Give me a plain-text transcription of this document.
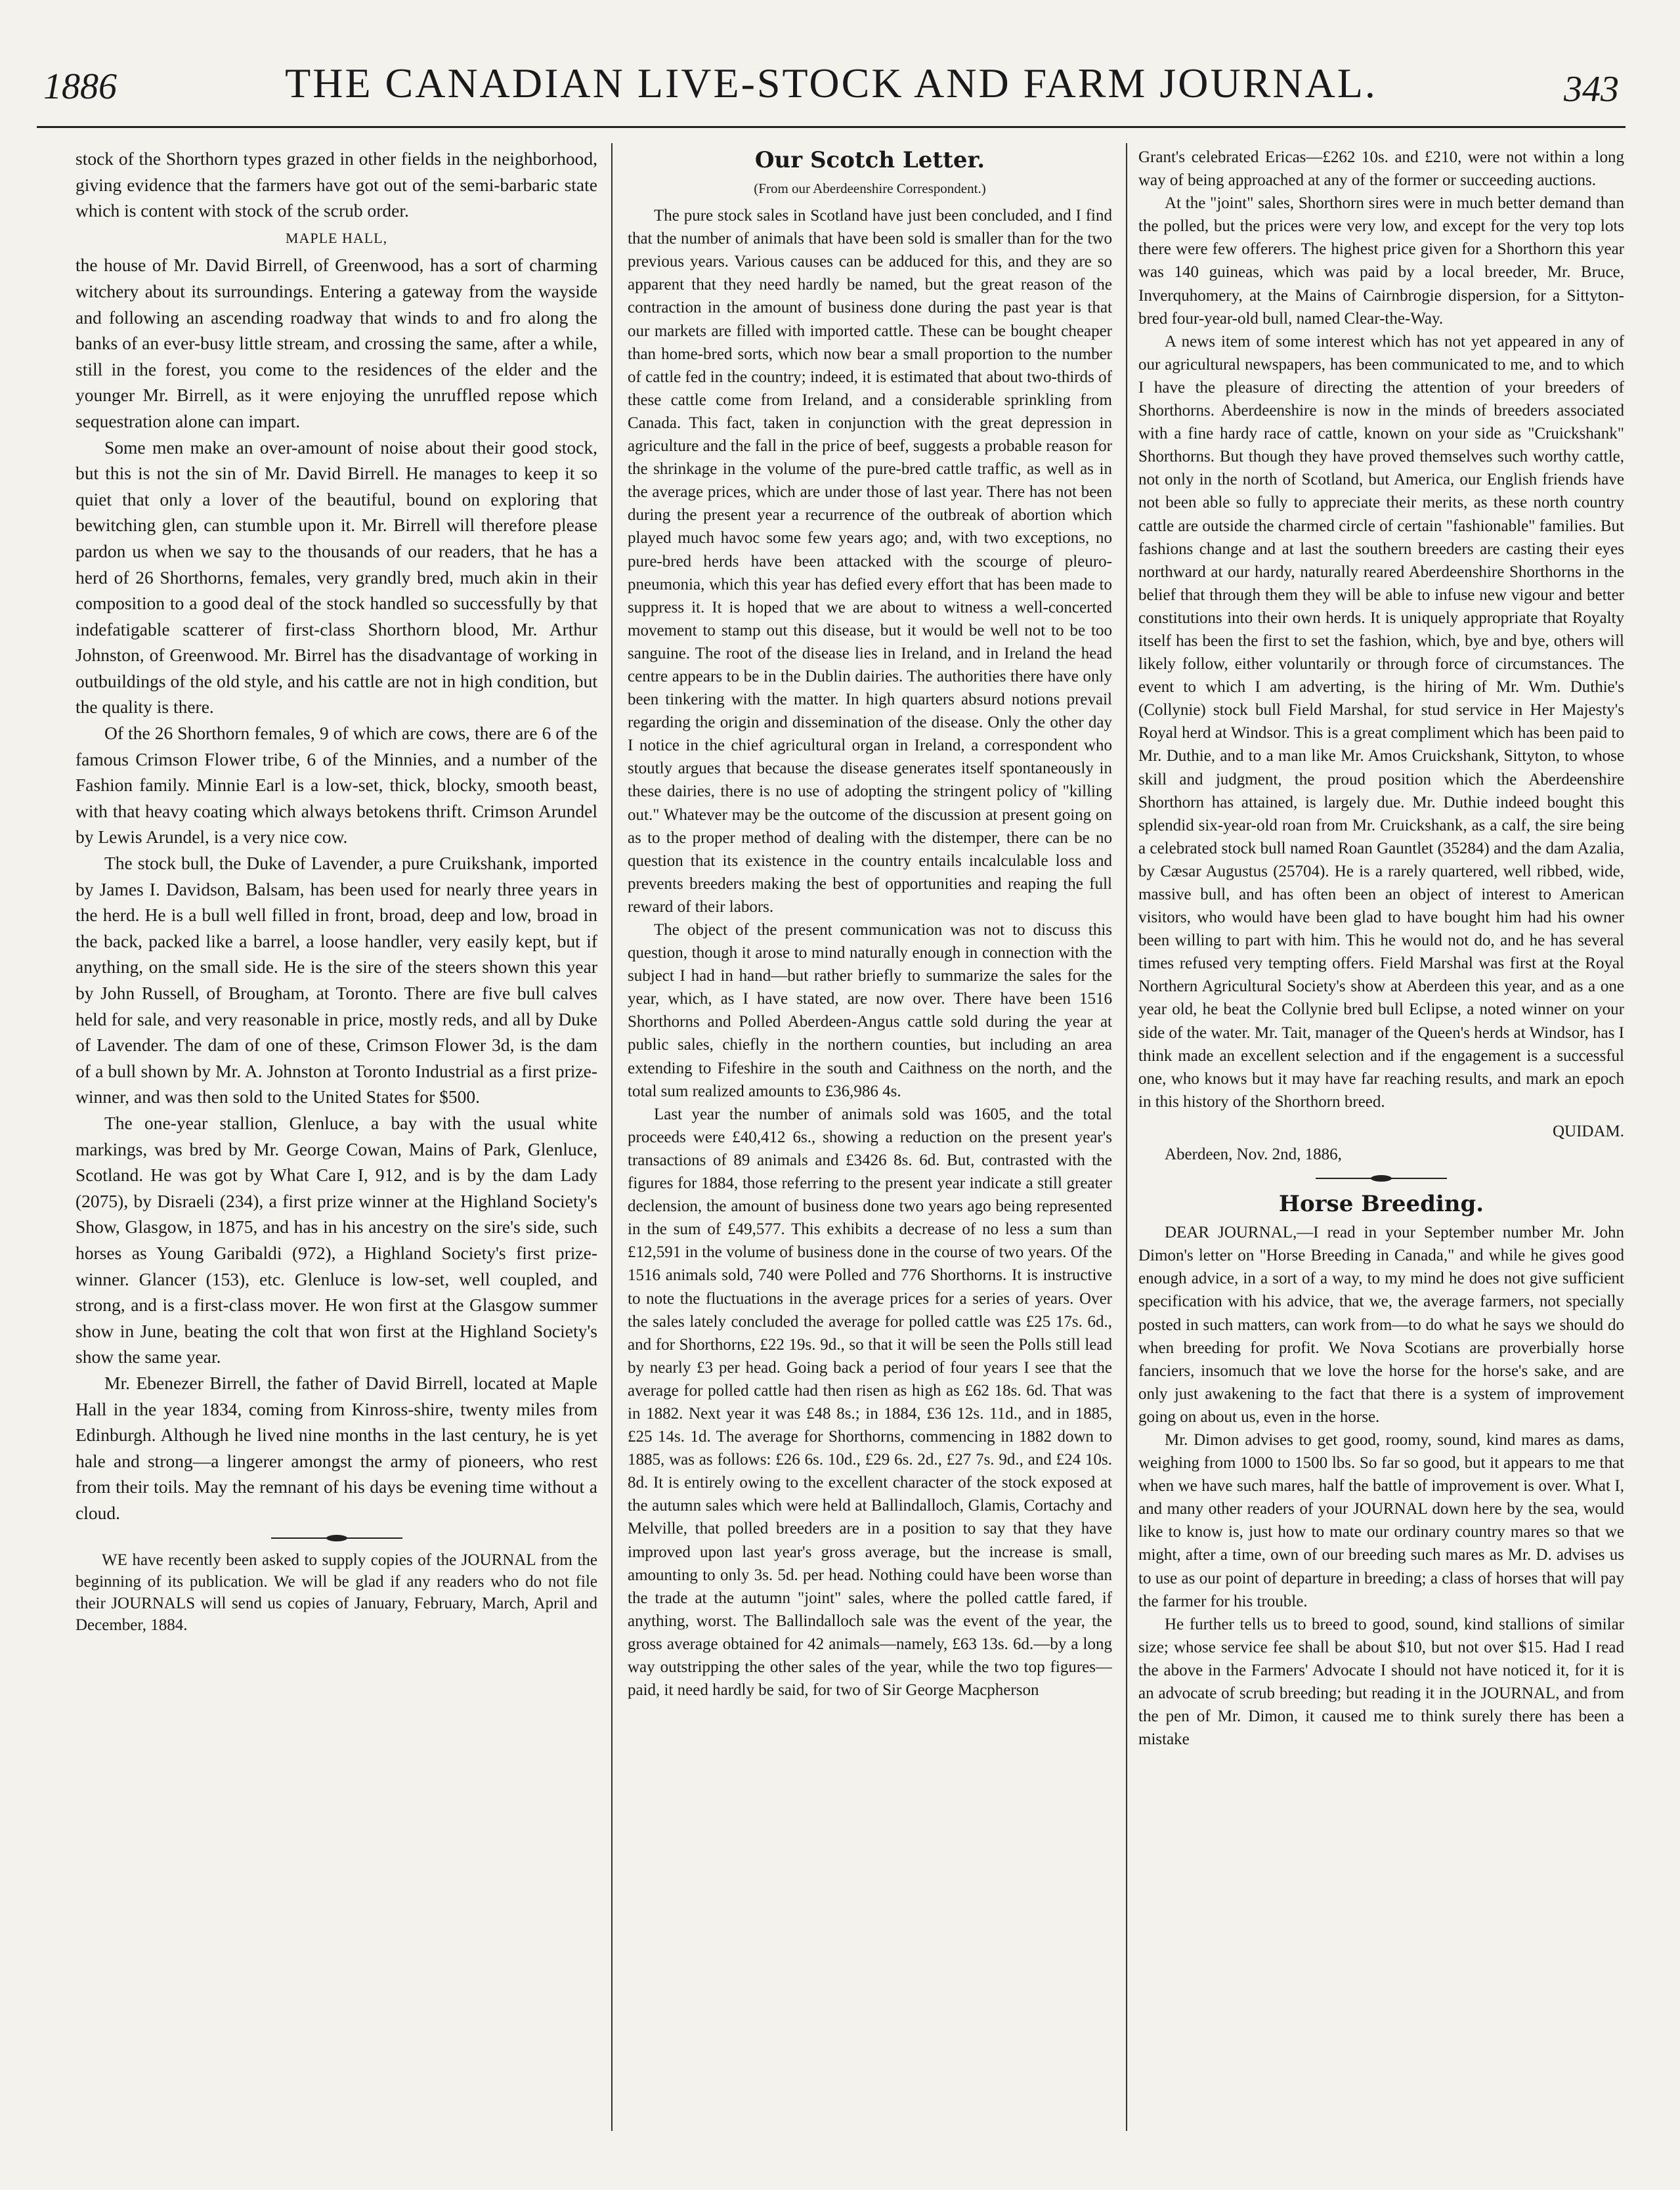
1886	THE CANADIAN LIVE-STOCK AND FARM JOURNAL.	343

stock of the Shorthorn types grazed in other fields in the neighborhood, giving evidence that the farmers have got out of the semi-barbaric state which is content with stock of the scrub order.

MAPLE HALL,

the house of Mr. David Birrell, of Greenwood, has a sort of charming witchery about its surroundings. Entering a gateway from the wayside and following an ascending roadway that winds to and fro along the banks of an ever-busy little stream, and crossing the same, after a while, still in the forest, you come to the residences of the elder and the younger Mr. Birrell, as it were enjoying the unruffled repose which sequestration alone can impart.

Some men make an over-amount of noise about their good stock, but this is not the sin of Mr. David Birrell. He manages to keep it so quiet that only a lover of the beautiful, bound on exploring that bewitching glen, can stumble upon it. Mr. Birrell will therefore please pardon us when we say to the thousands of our readers, that he has a herd of 26 Shorthorns, females, very grandly bred, much akin in their composition to a good deal of the stock handled so successfully by that indefatigable scatterer of first-class Shorthorn blood, Mr. Arthur Johnston, of Greenwood. Mr. Birrel has the disadvantage of working in outbuildings of the old style, and his cattle are not in high condition, but the quality is there.

Of the 26 Shorthorn females, 9 of which are cows, there are 6 of the famous Crimson Flower tribe, 6 of the Minnies, and a number of the Fashion family. Minnie Earl is a low-set, thick, blocky, smooth beast, with that heavy coating which always betokens thrift. Crimson Arundel by Lewis Arundel, is a very nice cow.

The stock bull, the Duke of Lavender, a pure Cruikshank, imported by James I. Davidson, Balsam, has been used for nearly three years in the herd. He is a bull well filled in front, broad, deep and low, broad in the back, packed like a barrel, a loose handler, very easily kept, but if anything, on the small side. He is the sire of the steers shown this year by John Russell, of Brougham, at Toronto. There are five bull calves held for sale, and very reasonable in price, mostly reds, and all by Duke of Lavender. The dam of one of these, Crimson Flower 3d, is the dam of a bull shown by Mr. A. Johnston at Toronto Industrial as a first prize-winner, and was then sold to the United States for $500.

The one-year stallion, Glenluce, a bay with the usual white markings, was bred by Mr. George Cowan, Mains of Park, Glenluce, Scotland. He was got by What Care I, 912, and is by the dam Lady (2075), by Disraeli (234), a first prize winner at the Highland Society's Show, Glasgow, in 1875, and has in his ancestry on the sire's side, such horses as Young Garibaldi (972), a Highland Society's first prize-winner. Glancer (153), etc. Glenluce is low-set, well coupled, and strong, and is a first-class mover. He won first at the Glasgow summer show in June, beating the colt that won first at the Highland Society's show the same year.

Mr. Ebenezer Birrell, the father of David Birrell, located at Maple Hall in the year 1834, coming from Kinross-shire, twenty miles from Edinburgh. Although he lived nine months in the last century, he is yet hale and strong—a lingerer amongst the army of pioneers, who rest from their toils. May the remnant of his days be evening time without a cloud.

WE have recently been asked to supply copies of the JOURNAL from the beginning of its publication. We will be glad if any readers who do not file their JOURNALS will send us copies of January, February, March, April and December, 1884.

Our Scotch Letter.
(From our Aberdeenshire Correspondent.)

The pure stock sales in Scotland have just been concluded, and I find that the number of animals that have been sold is smaller than for the two previous years. Various causes can be adduced for this, and they are so apparent that they need hardly be named, but the great reason of the contraction in the amount of business done during the past year is that our markets are filled with imported cattle. These can be bought cheaper than home-bred sorts, which now bear a small proportion to the number of cattle fed in the country; indeed, it is estimated that about two-thirds of these cattle come from Ireland, and a considerable sprinkling from Canada. This fact, taken in conjunction with the great depression in agriculture and the fall in the price of beef, suggests a probable reason for the shrinkage in the volume of the pure-bred cattle traffic, as well as in the average prices, which are under those of last year. There has not been during the present year a recurrence of the outbreak of abortion which played much havoc some few years ago; and, with two exceptions, no pure-bred herds have been attacked with the scourge of pleuro-pneumonia, which this year has defied every effort that has been made to suppress it. It is hoped that we are about to witness a well-concerted movement to stamp out this disease, but it would be well not to be too sanguine. The root of the disease lies in Ireland, and in Ireland the head centre appears to be in the Dublin dairies. The authorities there have only been tinkering with the matter. In high quarters absurd notions prevail regarding the origin and dissemination of the disease. Only the other day I notice in the chief agricultural organ in Ireland, a correspondent who stoutly argues that because the disease generates itself spontaneously in these dairies, there is no use of adopting the stringent policy of "killing out." Whatever may be the outcome of the discussion at present going on as to the proper method of dealing with the distemper, there can be no question that its existence in the country entails incalculable loss and prevents breeders making the best of opportunities and reaping the full reward of their labors.

The object of the present communication was not to discuss this question, though it arose to mind naturally enough in connection with the subject I had in hand—but rather briefly to summarize the sales for the year, which, as I have stated, are now over. There have been 1516 Shorthorns and Polled Aberdeen-Angus cattle sold during the year at public sales, chiefly in the northern counties, but including an area extending to Fifeshire in the south and Caithness on the north, and the total sum realized amounts to £36,986 4s.

Last year the number of animals sold was 1605, and the total proceeds were £40,412 6s., showing a reduction on the present year's transactions of 89 animals and £3426 8s. 6d. But, contrasted with the figures for 1884, those referring to the present year indicate a still greater declension, the amount of business done two years ago being represented in the sum of £49,577. This exhibits a decrease of no less a sum than £12,591 in the volume of business done in the course of two years. Of the 1516 animals sold, 740 were Polled and 776 Shorthorns. It is instructive to note the fluctuations in the average prices for a series of years. Over the sales lately concluded the average for polled cattle was £25 17s. 6d., and for Shorthorns, £22 19s. 9d., so that it will be seen the Polls still lead by nearly £3 per head. Going back a period of four years I see that the average for polled cattle had then risen as high as £62 18s. 6d. That was in 1882. Next year it was £48 8s.; in 1884, £36 12s. 11d., and in 1885, £25 14s. 1d. The average for Shorthorns, commencing in 1882 down to 1885, was as follows: £26 6s. 10d., £29 6s. 2d., £27 7s. 9d., and £24 10s. 8d. It is entirely owing to the excellent character of the stock exposed at the autumn sales which were held at Ballindalloch, Glamis, Cortachy and Melville, that polled breeders are in a position to say that they have improved upon last year's gross average, but the increase is small, amounting to only 3s. 5d. per head. Nothing could have been worse than the trade at the autumn "joint" sales, where the polled cattle fared, if anything, worst. The Ballindalloch sale was the event of the year, the gross average obtained for 42 animals—namely, £63 13s. 6d.—by a long way outstripping the other sales of the year, while the two top figures—paid, it need hardly be said, for two of Sir George Macpherson

Grant's celebrated Ericas—£262 10s. and £210, were not within a long way of being approached at any of the former or succeeding auctions.

At the "joint" sales, Shorthorn sires were in much better demand than the polled, but the prices were very low, and except for the very top lots there were few offerers. The highest price given for a Shorthorn this year was 140 guineas, which was paid by a local breeder, Mr. Bruce, Inverquhomery, at the Mains of Cairnbrogie dispersion, for a Sittyton-bred four-year-old bull, named Clear-the-Way.

A news item of some interest which has not yet appeared in any of our agricultural newspapers, has been communicated to me, and to which I have the pleasure of directing the attention of your breeders of Shorthorns. Aberdeenshire is now in the minds of breeders associated with a fine hardy race of cattle, known on your side as "Cruickshank" Shorthorns. But though they have proved themselves such worthy cattle, not only in the north of Scotland, but America, our English friends have not been able so fully to appreciate their merits, as these north country cattle are outside the charmed circle of certain "fashionable" families. But fashions change and at last the southern breeders are casting their eyes northward at our hardy, naturally reared Aberdeenshire Shorthorns in the belief that through them they will be able to infuse new vigour and better constitutions into their own herds. It is uniquely appropriate that Royalty itself has been the first to set the fashion, which, bye and bye, others will likely follow, either voluntarily or through force of circumstances. The event to which I am adverting, is the hiring of Mr. Wm. Duthie's (Collynie) stock bull Field Marshal, for stud service in Her Majesty's Royal herd at Windsor. This is a great compliment which has been paid to Mr. Duthie, and to a man like Mr. Amos Cruickshank, Sittyton, to whose skill and judgment, the proud position which the Aberdeenshire Shorthorn has attained, is largely due. Mr. Duthie indeed bought this splendid six-year-old roan from Mr. Cruickshank, as a calf, the sire being a celebrated stock bull named Roan Gauntlet (35284) and the dam Azalia, by Cæsar Augustus (25704). He is a rarely quartered, well ribbed, wide, massive bull, and has often been an object of interest to American visitors, who would have been glad to have bought him had his owner been willing to part with him. This he would not do, and he has several times refused very tempting offers. Field Marshal was first at the Royal Northern Agricultural Society's show at Aberdeen this year, and as a one year old, he beat the Collynie bred bull Eclipse, a noted winner on your side of the water. Mr. Tait, manager of the Queen's herds at Windsor, has I think made an excellent selection and if the engagement is a successful one, who knows but it may have far reaching results, and mark an epoch in this history of the Shorthorn breed.

QUIDAM.

Aberdeen, Nov. 2nd, 1886,

Horse Breeding.

DEAR JOURNAL,—I read in your September number Mr. John Dimon's letter on "Horse Breeding in Canada," and while he gives good enough advice, in a sort of a way, to my mind he does not give sufficient specification with his advice, that we, the average farmers, not specially posted in such matters, can work from—to do what he says we should do when breeding for profit. We Nova Scotians are proverbially horse fanciers, insomuch that we love the horse for the horse's sake, and are only just awakening to the fact that there is a system of improvement going on about us, even in the horse.

Mr. Dimon advises to get good, roomy, sound, kind mares as dams, weighing from 1000 to 1500 lbs. So far so good, but it appears to me that when we have such mares, half the battle of improvement is over. What I, and many other readers of your JOURNAL down here by the sea, would like to know is, just how to mate our ordinary country mares so that we might, after a time, own of our breeding such mares as Mr. D. advises us to use as our point of departure in breeding; a class of horses that will pay the farmer for his trouble.

He further tells us to breed to good, sound, kind stallions of similar size; whose service fee shall be about $10, but not over $15. Had I read the above in the Farmers' Advocate I should not have noticed it, for it is an advocate of scrub breeding; but reading it in the JOURNAL, and from the pen of Mr. Dimon, it caused me to think surely there has been a mistake
